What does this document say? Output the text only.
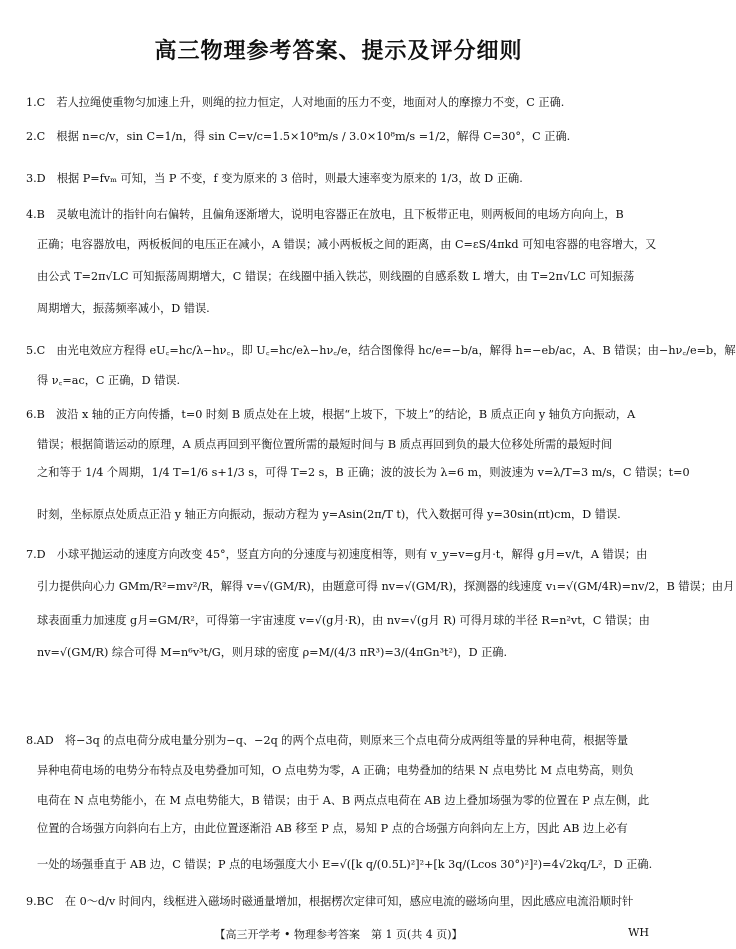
高三物理参考答案、提示及评分细则
1.C　若人拉绳使重物匀加速上升，则绳的拉力恒定，人对地面的压力不变，地面对人的摩擦力不变，C 正确.
2.C　根据 n=c/v，sin C=1/n，得 sin C=v/c=1.5×10⁸m/s / 3.0×10⁸m/s =1/2，解得 C=30°，C 正确.
3.D　根据 P=fvₘ 可知，当 P 不变，f 变为原来的 3 倍时，则最大速率变为原来的 1/3，故 D 正确.
4.B　灵敏电流计的指针向右偏转，且偏角逐渐增大，说明电容器正在放电，且下板带正电，则两板间的电场方向向上，B
正确；电容器放电，两板板间的电压正在减小，A 错误；减小两板板之间的距离，由 C=εS/4πkd 可知电容器的电容增大，又
由公式 T=2π√LC 可知振荡周期增大，C 错误；在线圈中插入铁芯，则线圈的自感系数 L 增大，由 T=2π√LC 可知振荡
周期增大，振荡频率减小，D 错误.
5.C　由光电效应方程得 eU꜀=hc/λ−hν꜀，即 U꜀=hc/eλ−hν꜀/e，结合图像得 hc/e=−b/a，解得 h=−eb/ac，A、B 错误；由−hν꜀/e=b，解
得 ν꜀=ac，C 正确，D 错误.
6.B　波沿 x 轴的正方向传播，t=0 时刻 B 质点处在上坡，根据“上坡下，下坡上”的结论，B 质点正向 y 轴负方向振动，A
错误；根据简谐运动的原理，A 质点再回到平衡位置所需的最短时间与 B 质点再回到负的最大位移处所需的最短时间
之和等于 1/4 个周期，1/4 T=1/6 s+1/3 s，可得 T=2 s，B 正确；波的波长为 λ=6 m，则波速为 v=λ/T=3 m/s，C 错误；t=0
时刻，坐标原点处质点正沿 y 轴正方向振动，振动方程为 y=Asin(2π/T t)，代入数据可得 y=30sin(πt)cm，D 错误.
7.D　小球平抛运动的速度方向改变 45°，竖直方向的分速度与初速度相等，则有 v_y=v=g月·t，解得 g月=v/t，A 错误；由
引力提供向心力 GMm/R²=mv²/R，解得 v=√(GM/R)，由题意可得 nv=√(GM/R)，探测器的线速度 v₁=√(GM/4R)=nv/2，B 错误；由月
球表面重力加速度 g月=GM/R²，可得第一宇宙速度 v=√(g月·R)，由 nv=√(g月 R) 可得月球的半径 R=n²vt，C 错误；由
nv=√(GM/R) 综合可得 M=n⁶v³t/G，则月球的密度 ρ=M/(4/3 πR³)=3/(4πGn³t²)，D 正确.
8.AD　将−3q 的点电荷分成电量分别为−q、−2q 的两个点电荷，则原来三个点电荷分成两组等量的异种电荷，根据等量
异种电荷电场的电势分布特点及电势叠加可知，O 点电势为零，A 正确；电势叠加的结果 N 点电势比 M 点电势高，则负
电荷在 N 点电势能小，在 M 点电势能大，B 错误；由于 A、B 两点点电荷在 AB 边上叠加场强为零的位置在 P 点左侧，此
位置的合场强方向斜向右上方，由此位置逐渐沿 AB 移至 P 点，易知 P 点的合场强方向斜向左上方，因此 AB 边上必有
一处的场强垂直于 AB 边，C 错误；P 点的电场强度大小 E=√([k q/(0.5L)²]²+[k 3q/(Lcos 30°)²]²)=4√2kq/L²，D 正确.
9.BC　在 0～d/v 时间内，线框进入磁场时磁通量增加，根据楞次定律可知，感应电流的磁场向里，因此感应电流沿顺时针
【高三开学考 • 物理参考答案　第 1 页(共 4 页)】	WH
